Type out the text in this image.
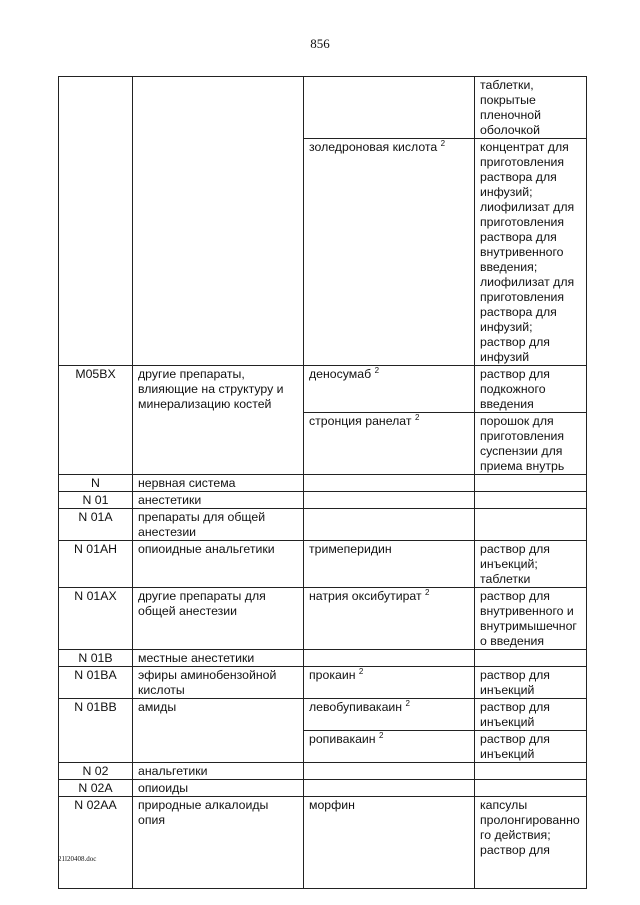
856
			таблетки, покрытые пленочной оболочкой
		золедроновая кислота $^2$	концентрат для приготовления раствора для инфузий; лиофилизат для приготовления раствора для внутривенного введения; лиофилизат для приготовления раствора для инфузий; раствор для инфузий
M05BX	другие препараты, влияющие на структуру и минерализацию костей	деносумаб $^2$	раствор для подкожного введения
		стронция ранелат $^2$	порошок для приготовления суспензии для приема внутрь
N	нервная система		
N 01	анестетики		
N 01A	препараты для общей анестезии		
N 01AH	опиоидные анальгетики	тримеперидин	раствор для инъекций; таблетки
N 01AX	другие препараты для общей анестезии	натрия оксибутират $^2$	раствор для внутривенного и внутримышечног о введения
N 01B	местные анестетики		
N 01BA	эфиры аминобензойной кислоты	прокаин $^2$	раствор для инъекций
N 01BB	амиды	левобупивакаин $^2$	раствор для инъекций
		ропивакаин $^2$	раствор для инъекций
N 02	анальгетики		
N 02A	опиоиды		
N 02AA	природные алкалоиды опия	морфин	капсулы пролонгированно го действия; раствор для
21l20408.doc
